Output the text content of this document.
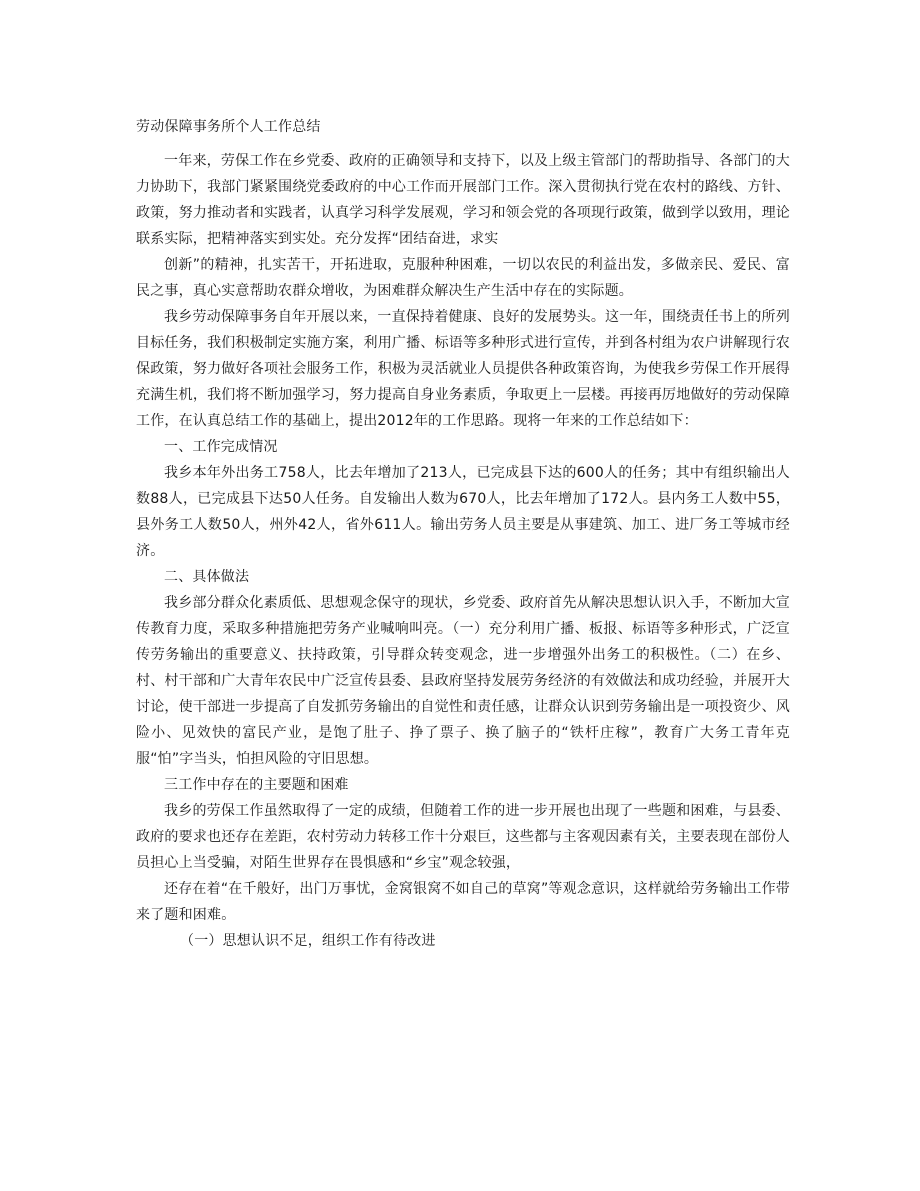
劳动保障事务所个人工作总结

一年来，劳保工作在乡党委、政府的正确领导和支持下，以及上级主管部门的帮助指导、各部门的大力协助下，我部门紧紧围绕党委政府的中心工作而开展部门工作。深入贯彻执行党在农村的路线、方针、政策，努力推动者和实践者，认真学习科学发展观，学习和领会党的各项现行政策，做到学以致用，理论联系实际，把精神落实到实处。充分发挥“团结奋进，求实

创新”的精神，扎实苦干，开拓进取，克服种种困难，一切以农民的利益出发，多做亲民、爱民、富民之事，真心实意帮助农群众增收，为困难群众解决生产生活中存在的实际题。

我乡劳动保障事务自年开展以来，一直保持着健康、良好的发展势头。这一年，围绕责任书上的所列目标任务，我们积极制定实施方案，利用广播、标语等多种形式进行宣传，并到各村组为农户讲解现行农保政策，努力做好各项社会服务工作，积极为灵活就业人员提供各种政策咨询，为使我乡劳保工作开展得充满生机，我们将不断加强学习，努力提高自身业务素质，争取更上一层楼。再接再厉地做好的劳动保障工作，在认真总结工作的基础上，提出2012年的工作思路。现将一年来的工作总结如下：

一、工作完成情况

我乡本年外出务工758人，比去年增加了213人，已完成县下达的600人的任务；其中有组织输出人数88人，已完成县下达50人任务。自发输出人数为670人，比去年增加了172人。县内务工人数中55，县外务工人数50人，州外42人，省外611人。输出劳务人员主要是从事建筑、加工、进厂务工等城市经济。

二、具体做法

我乡部分群众化素质低、思想观念保守的现状，乡党委、政府首先从解决思想认识入手，不断加大宣传教育力度，采取多种措施把劳务产业喊响叫亮。（一）充分利用广播、板报、标语等多种形式，广泛宣传劳务输出的重要意义、扶持政策，引导群众转变观念，进一步增强外出务工的积极性。（二）在乡、村、村干部和广大青年农民中广泛宣传县委、县政府坚持发展劳务经济的有效做法和成功经验，并展开大讨论，使干部进一步提高了自发抓劳务输出的自觉性和责任感，让群众认识到劳务输出是一项投资少、风险小、见效快的富民产业，是饱了肚子、挣了票子、换了脑子的“铁杆庄稼”，教育广大务工青年克服“怕”字当头，怕担风险的守旧思想。

三工作中存在的主要题和困难

我乡的劳保工作虽然取得了一定的成绩，但随着工作的进一步开展也出现了一些题和困难，与县委、政府的要求也还存在差距，农村劳动力转移工作十分艰巨，这些都与主客观因素有关，主要表现在部份人员担心上当受骗，对陌生世界存在畏惧感和“乡宝”观念较强，

还存在着“在千般好，出门万事忧，金窝银窝不如自己的草窝”等观念意识，这样就给劳务输出工作带来了题和困难。

（一）思想认识不足，组织工作有待改进
